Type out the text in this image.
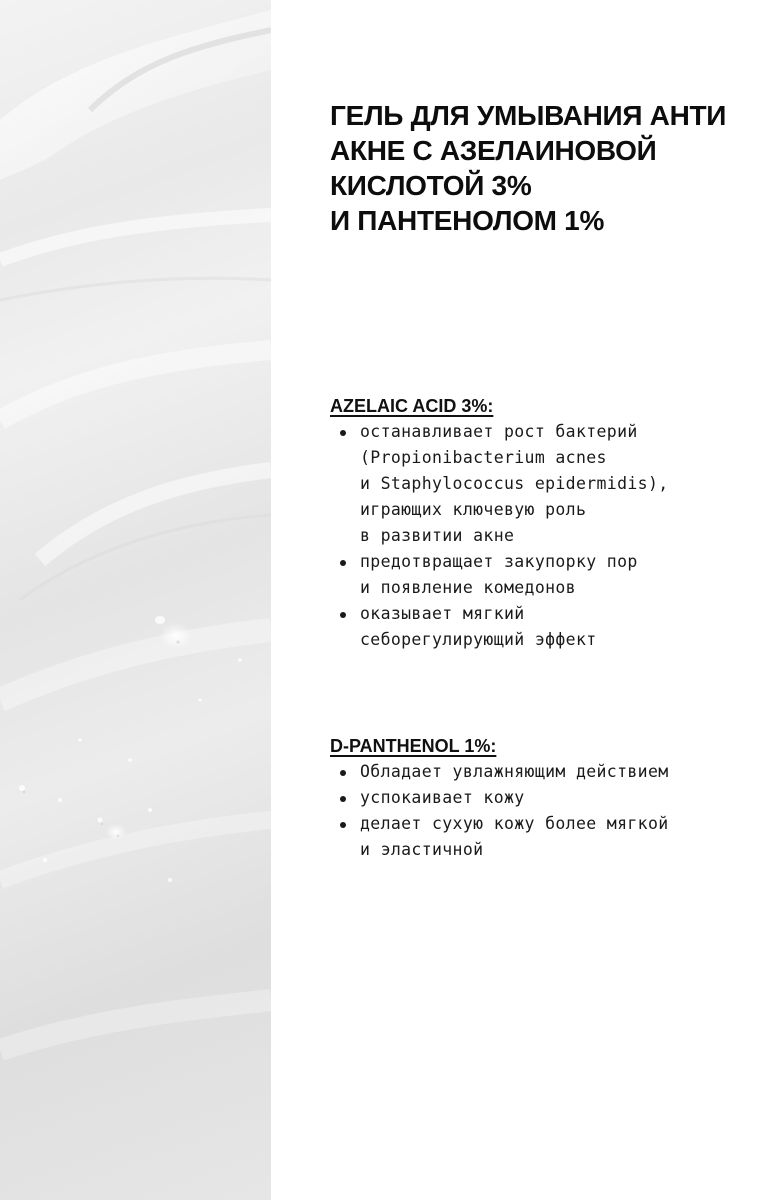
ГЕЛЬ ДЛЯ УМЫВАНИЯ АНТИ
АКНЕ С АЗЕЛАИНОВОЙ
КИСЛОТОЙ 3%
И ПАНТЕНОЛОМ 1%
AZELAIC ACID 3%:
останавливает рост бактерий
(Propionibacterium acnes
и Staphylococcus epidermidis),
играющих ключевую роль
в развитии акне
предотвращает закупорку пор
и появление комедонов
оказывает мягкий
себорегулирующий эффект
D-PANTHENOL 1%:
Обладает увлажняющим действием
успокаивает кожу
делает сухую кожу более мягкой
и эластичной
